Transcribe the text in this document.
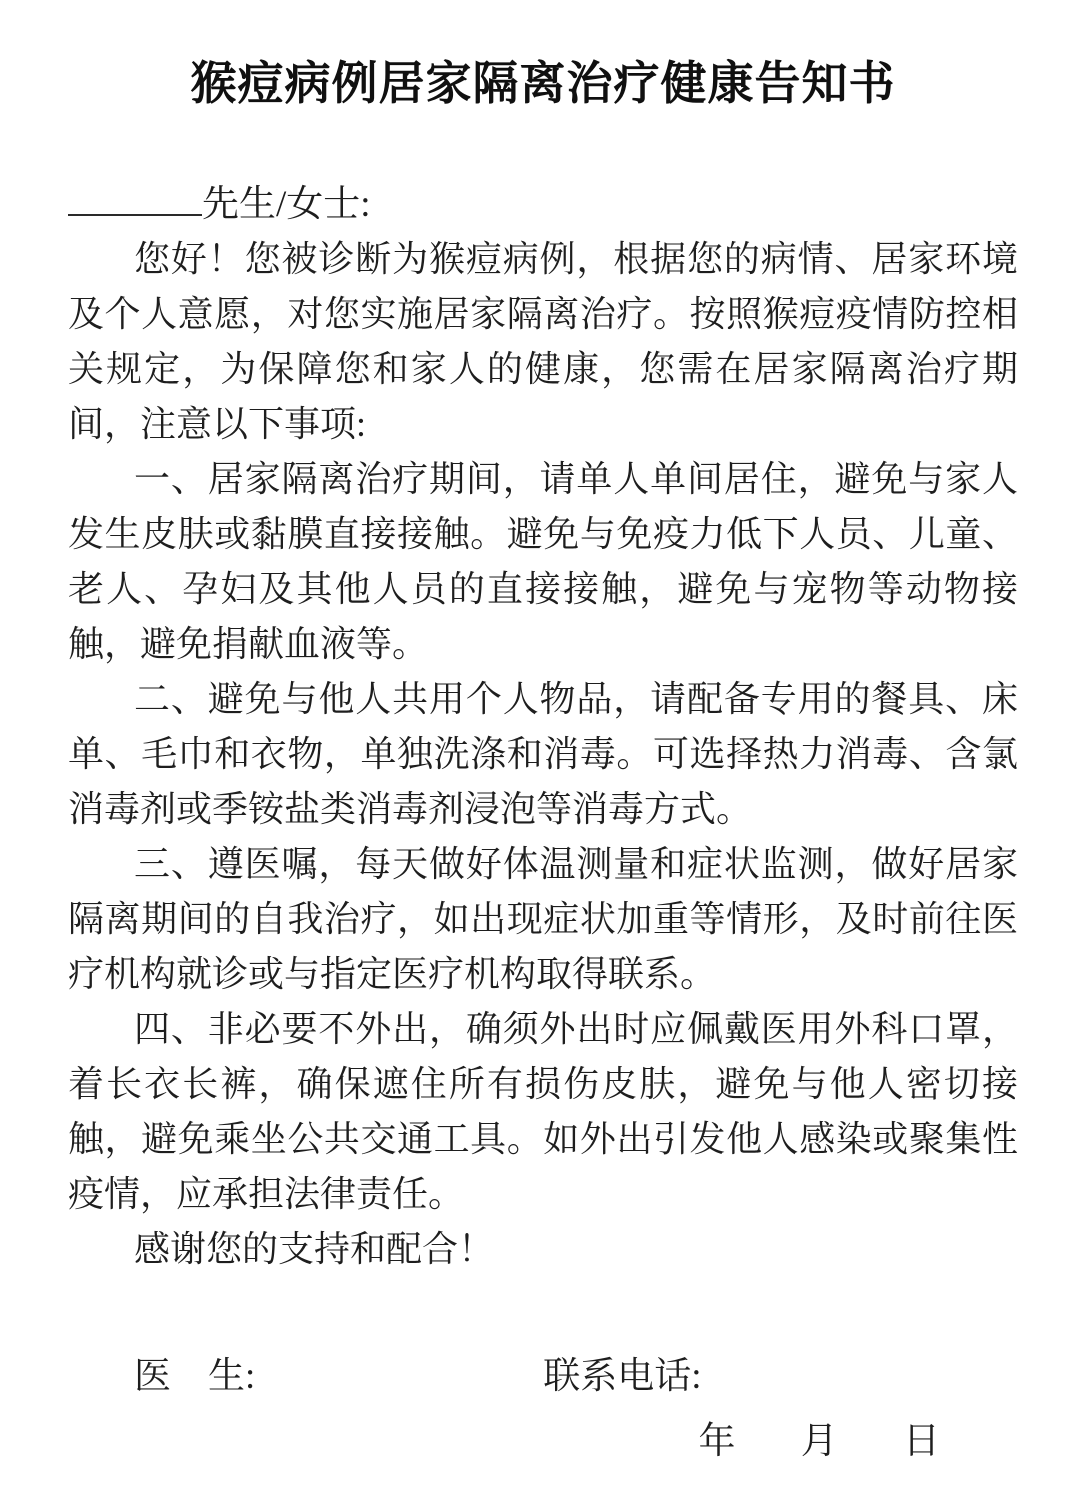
猴痘病例居家隔离治疗健康告知书
先生/女士:

您好！您被诊断为猴痘病例，根据您的病情、居家环境及个人意愿，对您实施居家隔离治疗。按照猴痘疫情防控相关规定，为保障您和家人的健康，您需在居家隔离治疗期间，注意以下事项:

一、居家隔离治疗期间，请单人单间居住，避免与家人发生皮肤或黏膜直接接触。避免与免疫力低下人员、儿童、老人、孕妇及其他人员的直接接触，避免与宠物等动物接触，避免捐献血液等。

二、避免与他人共用个人物品，请配备专用的餐具、床单、毛巾和衣物，单独洗涤和消毒。可选择热力消毒、含氯消毒剂或季铵盐类消毒剂浸泡等消毒方式。

三、遵医嘱，每天做好体温测量和症状监测，做好居家隔离期间的自我治疗，如出现症状加重等情形，及时前往医疗机构就诊或与指定医疗机构取得联系。

四、非必要不外出，确须外出时应佩戴医用外科口罩，着长衣长裤，确保遮住所有损伤皮肤，避免与他人密切接触，避免乘坐公共交通工具。如外出引发他人感染或聚集性疫情，应承担法律责任。

感谢您的支持和配合！

医　生:	联系电话:
年 月 日
